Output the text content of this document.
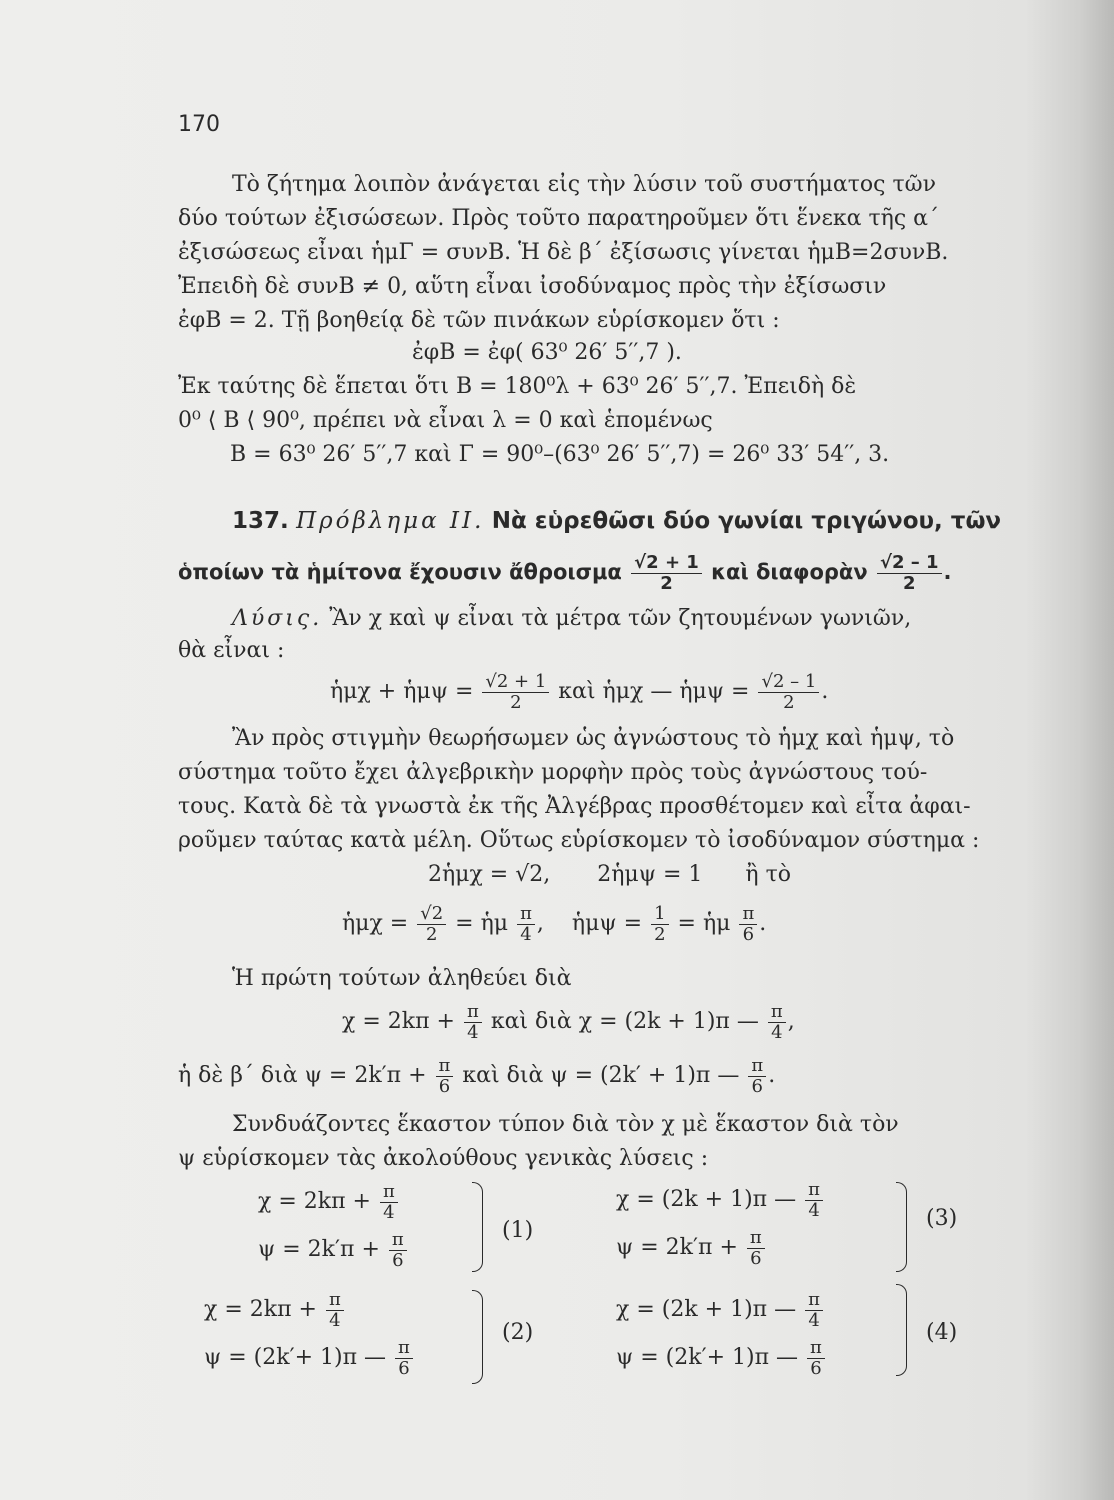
170
Τὸ ζήτημα λοιπὸν ἀνάγεται εἰς τὴν λύσιν τοῦ συστήματος τῶν
δύο τούτων ἐξισώσεων. Πρὸς τοῦτο παρατηροῦμεν ὅτι ἕνεκα τῆς α΄
ἐξισώσεως εἶναι ἡμΓ = συνΒ. Ἡ δὲ β΄ ἐξίσωσις γίνεται ἡμΒ=2συνΒ.
Ἐπειδὴ δὲ συνΒ ≠ 0, αὕτη εἶναι ἰσοδύναμος πρὸς τὴν ἐξίσωσιν
ἐφΒ = 2. Τῇ βοηθείᾳ δὲ τῶν πινάκων εὑρίσκομεν ὅτι :
ἐφΒ = ἐφ( 63⁰ 26′ 5′′,7 ).
Ἐκ ταύτης δὲ ἕπεται ὅτι Β = 180⁰λ + 63⁰ 26′ 5′′,7. Ἐπειδὴ δὲ
0⁰ ⟨ Β ⟨ 90⁰, πρέπει νὰ εἶναι λ = 0 καὶ ἑπομένως
Β = 63⁰ 26′ 5′′,7 καὶ Γ = 90⁰–(63⁰ 26′ 5′′,7) = 26⁰ 33′ 54′′, 3.
137. Πρόβλημα ΙΙ. Νὰ εὑρεθῶσι δύο γωνίαι τριγώνου, τῶν
ὁποίων τὰ ἡμίτονα ἔχουσιν ἄθροισμα $\frac{√2 + 1}{2}$ καὶ διαφορὰν $\frac{√2 - 1}{2}$ .
Λύσις. Ἂν χ καὶ ψ εἶναι τὰ μέτρα τῶν ζητουμένων γωνιῶν,
θὰ εἶναι :
ἡμχ + ἡμψ = $\frac{√2 + 1}{2}$ καὶ ἡμχ — ἡμψ = $\frac{√2 - 1}{2}$ .
Ἂν πρὸς στιγμὴν θεωρήσωμεν ὡς ἀγνώστους τὸ ἡμχ καὶ ἡμψ, τὸ
σύστημα τοῦτο ἔχει ἀλγεβρικὴν μορφὴν πρὸς τοὺς ἀγνώστους τού-
τους. Κατὰ δὲ τὰ γνωστὰ ἐκ τῆς Ἀλγέβρας προσθέτομεν καὶ εἶτα ἀφαι-
ροῦμεν ταύτας κατὰ μέλη. Οὕτως εὑρίσκομεν τὸ ἰσοδύναμον σύστημα :
2ἡμχ = √2, 2ἡμψ = 1 ἢ τὸ
ἡμχ = $\frac{√2}{2}$ = ἡμ $\frac{\pi}{4}$ , ἡμψ = $\frac{1}{2}$ = ἡμ $\frac{\pi}{6}$ .
Ἡ πρώτη τούτων ἀληθεύει διὰ
$\chi = 2k\pi + \frac{\pi}{4}$ καὶ διὰ χ = (2k + 1)π — $\frac{\pi}{4}$ ,
ἡ δὲ β΄ διὰ $\psi = 2k'\pi + \frac{\pi}{6}$ καὶ διὰ ψ = (2k′ + 1)π — $\frac{\pi}{6}$ .
Συνδυάζοντες ἕκαστον τύπον διὰ τὸν χ μὲ ἕκαστον διὰ τὸν
ψ εὑρίσκομεν τὰς ἀκολούθους γενικὰς λύσεις :
$\chi = 2k\pi + \frac{\pi}{4}$
$\psi = 2k'\pi + \frac{\pi}{6}$	(1)
χ = (2k + 1)π — $\frac{\pi}{4}$
$\psi = 2k'\pi + \frac{\pi}{6}$
(3)
$\chi = 2k\pi + \frac{\pi}{4}$
ψ = (2k′+ 1)π — $\frac{\pi}{6}$
(2)
χ = (2k + 1)π — $\frac{\pi}{4}$
ψ = (2k′+ 1)π — $\frac{\pi}{6}$
(4)
